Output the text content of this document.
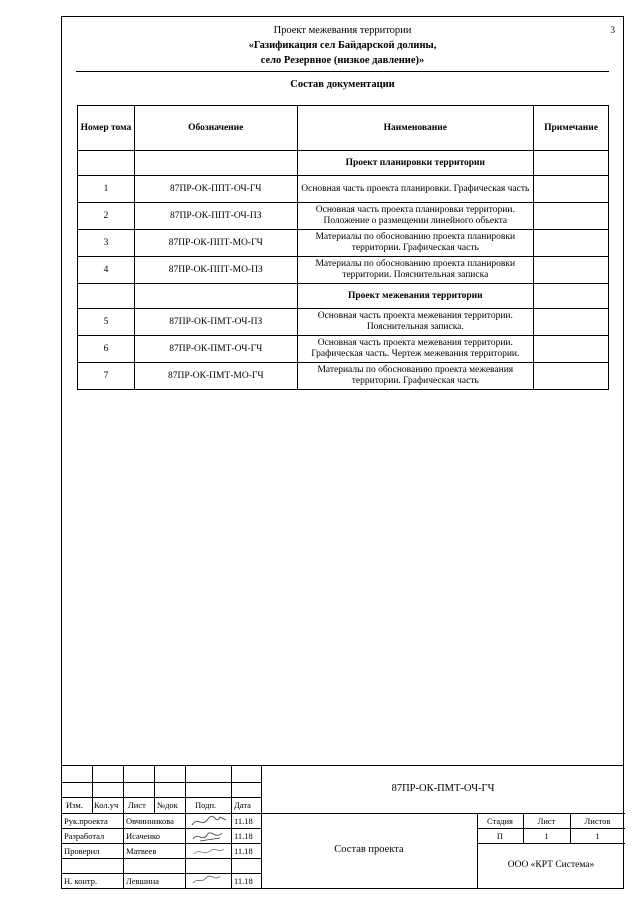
3
Проект межевания территории
«Газификация сел Байдарской долины,
село Резервное (низкое давление)»
Состав документации
Номер тома	Обозначение	Наименование	Примечание
		Проект планировки территории	
1	87ПР-ОК-ППТ-ОЧ-ГЧ	Основная часть проекта планировки. Графическая часть	
2	87ПР-ОК-ППТ-ОЧ-ПЗ	Основная часть проекта планировки территории. Положение о размещении линейного объекта	
3	87ПР-ОК-ППТ-МО-ГЧ	Материалы по обоснованию проекта планировки территории. Графическая часть	
4	87ПР-ОК-ППТ-МО-ПЗ	Материалы по обоснованию проекта планировки территории. Пояснительная записка	
		Проект межевания территории	
5	87ПР-ОК-ПМТ-ОЧ-ПЗ	Основная часть проекта межевания территории. Пояснительная записка.	
6	87ПР-ОК-ПМТ-ОЧ-ГЧ	Основная часть проекта межевания территории. Графическая часть. Чертеж межевания территории.	
7	87ПР-ОК-ПМТ-МО-ГЧ	Материалы по обоснованию проекта межевания территории. Графическая часть	
Изм. Кол.уч Лист №док Подп. Дата
Рук.проекта Овчинникова	11.18
Разработал	Исаченко	11.18
Проверил	Матвеев	11.18
Н. контр.	Левшина	11.18
87ПР-ОК-ПМТ-ОЧ-ГЧ
Состав проекта
Стадия	Лист	Листов
П	1	1
ООО «КРТ Система»
